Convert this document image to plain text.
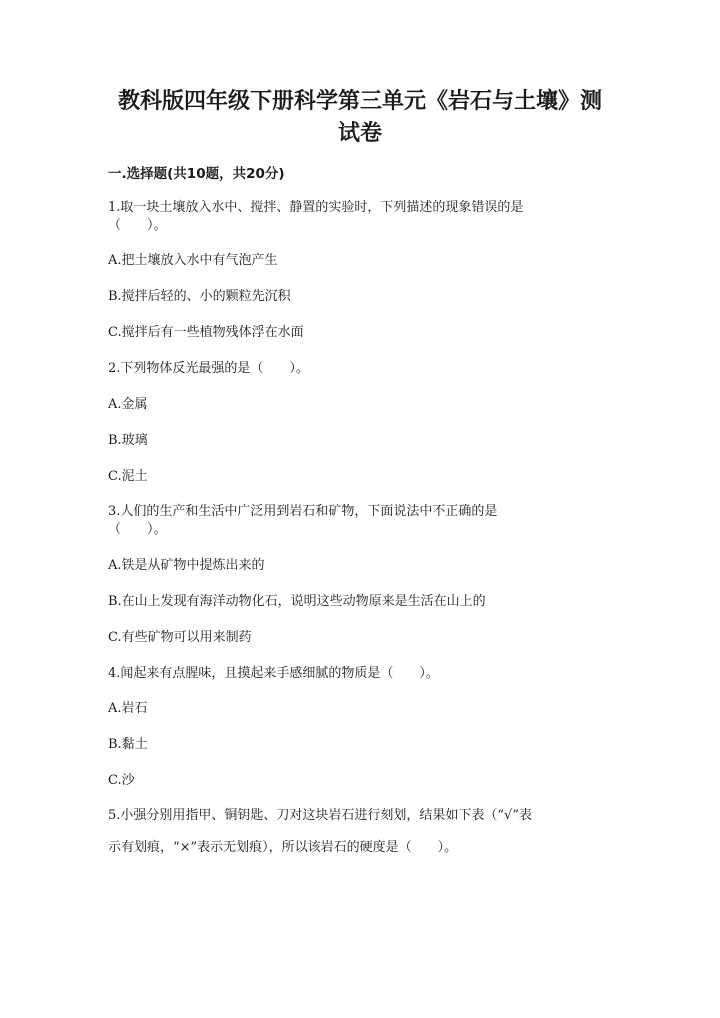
教科版四年级下册科学第三单元《岩石与土壤》测
试卷
一.选择题(共10题，共20分)
1.取一块土壤放入水中、搅拌、静置的实验时，下列描述的现象错误的是
（　　）。
A.把土壤放入水中有气泡产生
B.搅拌后轻的、小的颗粒先沉积
C.搅拌后有一些植物残体浮在水面
2.下列物体反光最强的是（　　）。
A.金属
B.玻璃
C.泥土
3.人们的生产和生活中广泛用到岩石和矿物，下面说法中不正确的是
（　　）。
A.铁是从矿物中提炼出来的
B.在山上发现有海洋动物化石，说明这些动物原来是生活在山上的
C.有些矿物可以用来制药
4.闻起来有点腥味，且摸起来手感细腻的物质是（　　）。
A.岩石
B.黏土
C.沙
5.小强分别用指甲、铜钥匙、刀对这块岩石进行刻划，结果如下表（“√”表
示有划痕，“×”表示无划痕），所以该岩石的硬度是（　　）。
